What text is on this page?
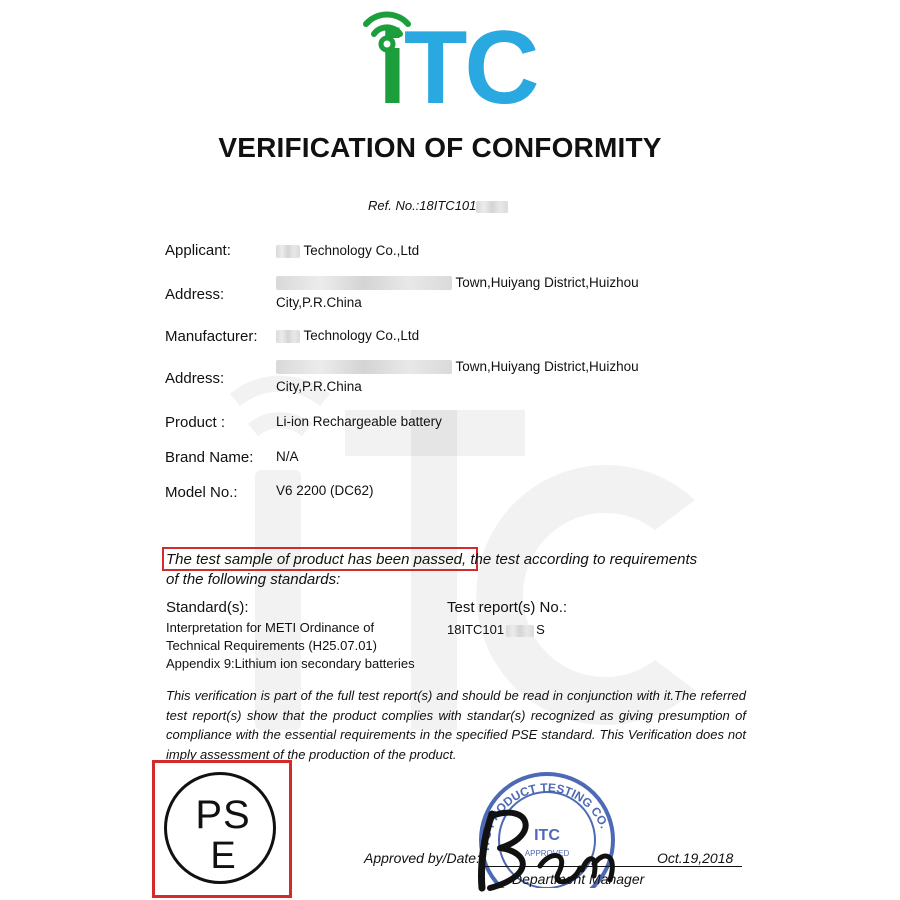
iTC
VERIFICATION OF CONFORMITY
Ref. No.:18ITC101
Applicant:	Technology Co.,Ltd
Address:
Town,Huiyang District,Huizhou
City,P.R.China
Manufacturer:	Technology Co.,Ltd
Address:
Town,Huiyang District,Huizhou
City,P.R.China
Product :	Li-ion Rechargeable battery
Brand Name: N/A
Model No.:	V6 2200 (DC62)
The test sample of product has been passed, the test according to requirements
of the following standards:
Standard(s):
Interpretation for METI Ordinance of
Technical Requirements (H25.07.01)
Appendix 9:Lithium ion secondary batteries
Test report(s) No.:
18ITC101 S
This verification is part of the full test report(s) and should be read in conjunction with it.The referred test report(s) show that the product complies with standar(s) recognized as giving presumption of compliance with the essential requirements in the specified PSE standard. This Verification does not imply assessment of the production of the product.
PS
E	ITC PRODUCT TESTING CO.
ITC
APPROVED
Approved by/Date:	Oct.19,2018
Department Manager
